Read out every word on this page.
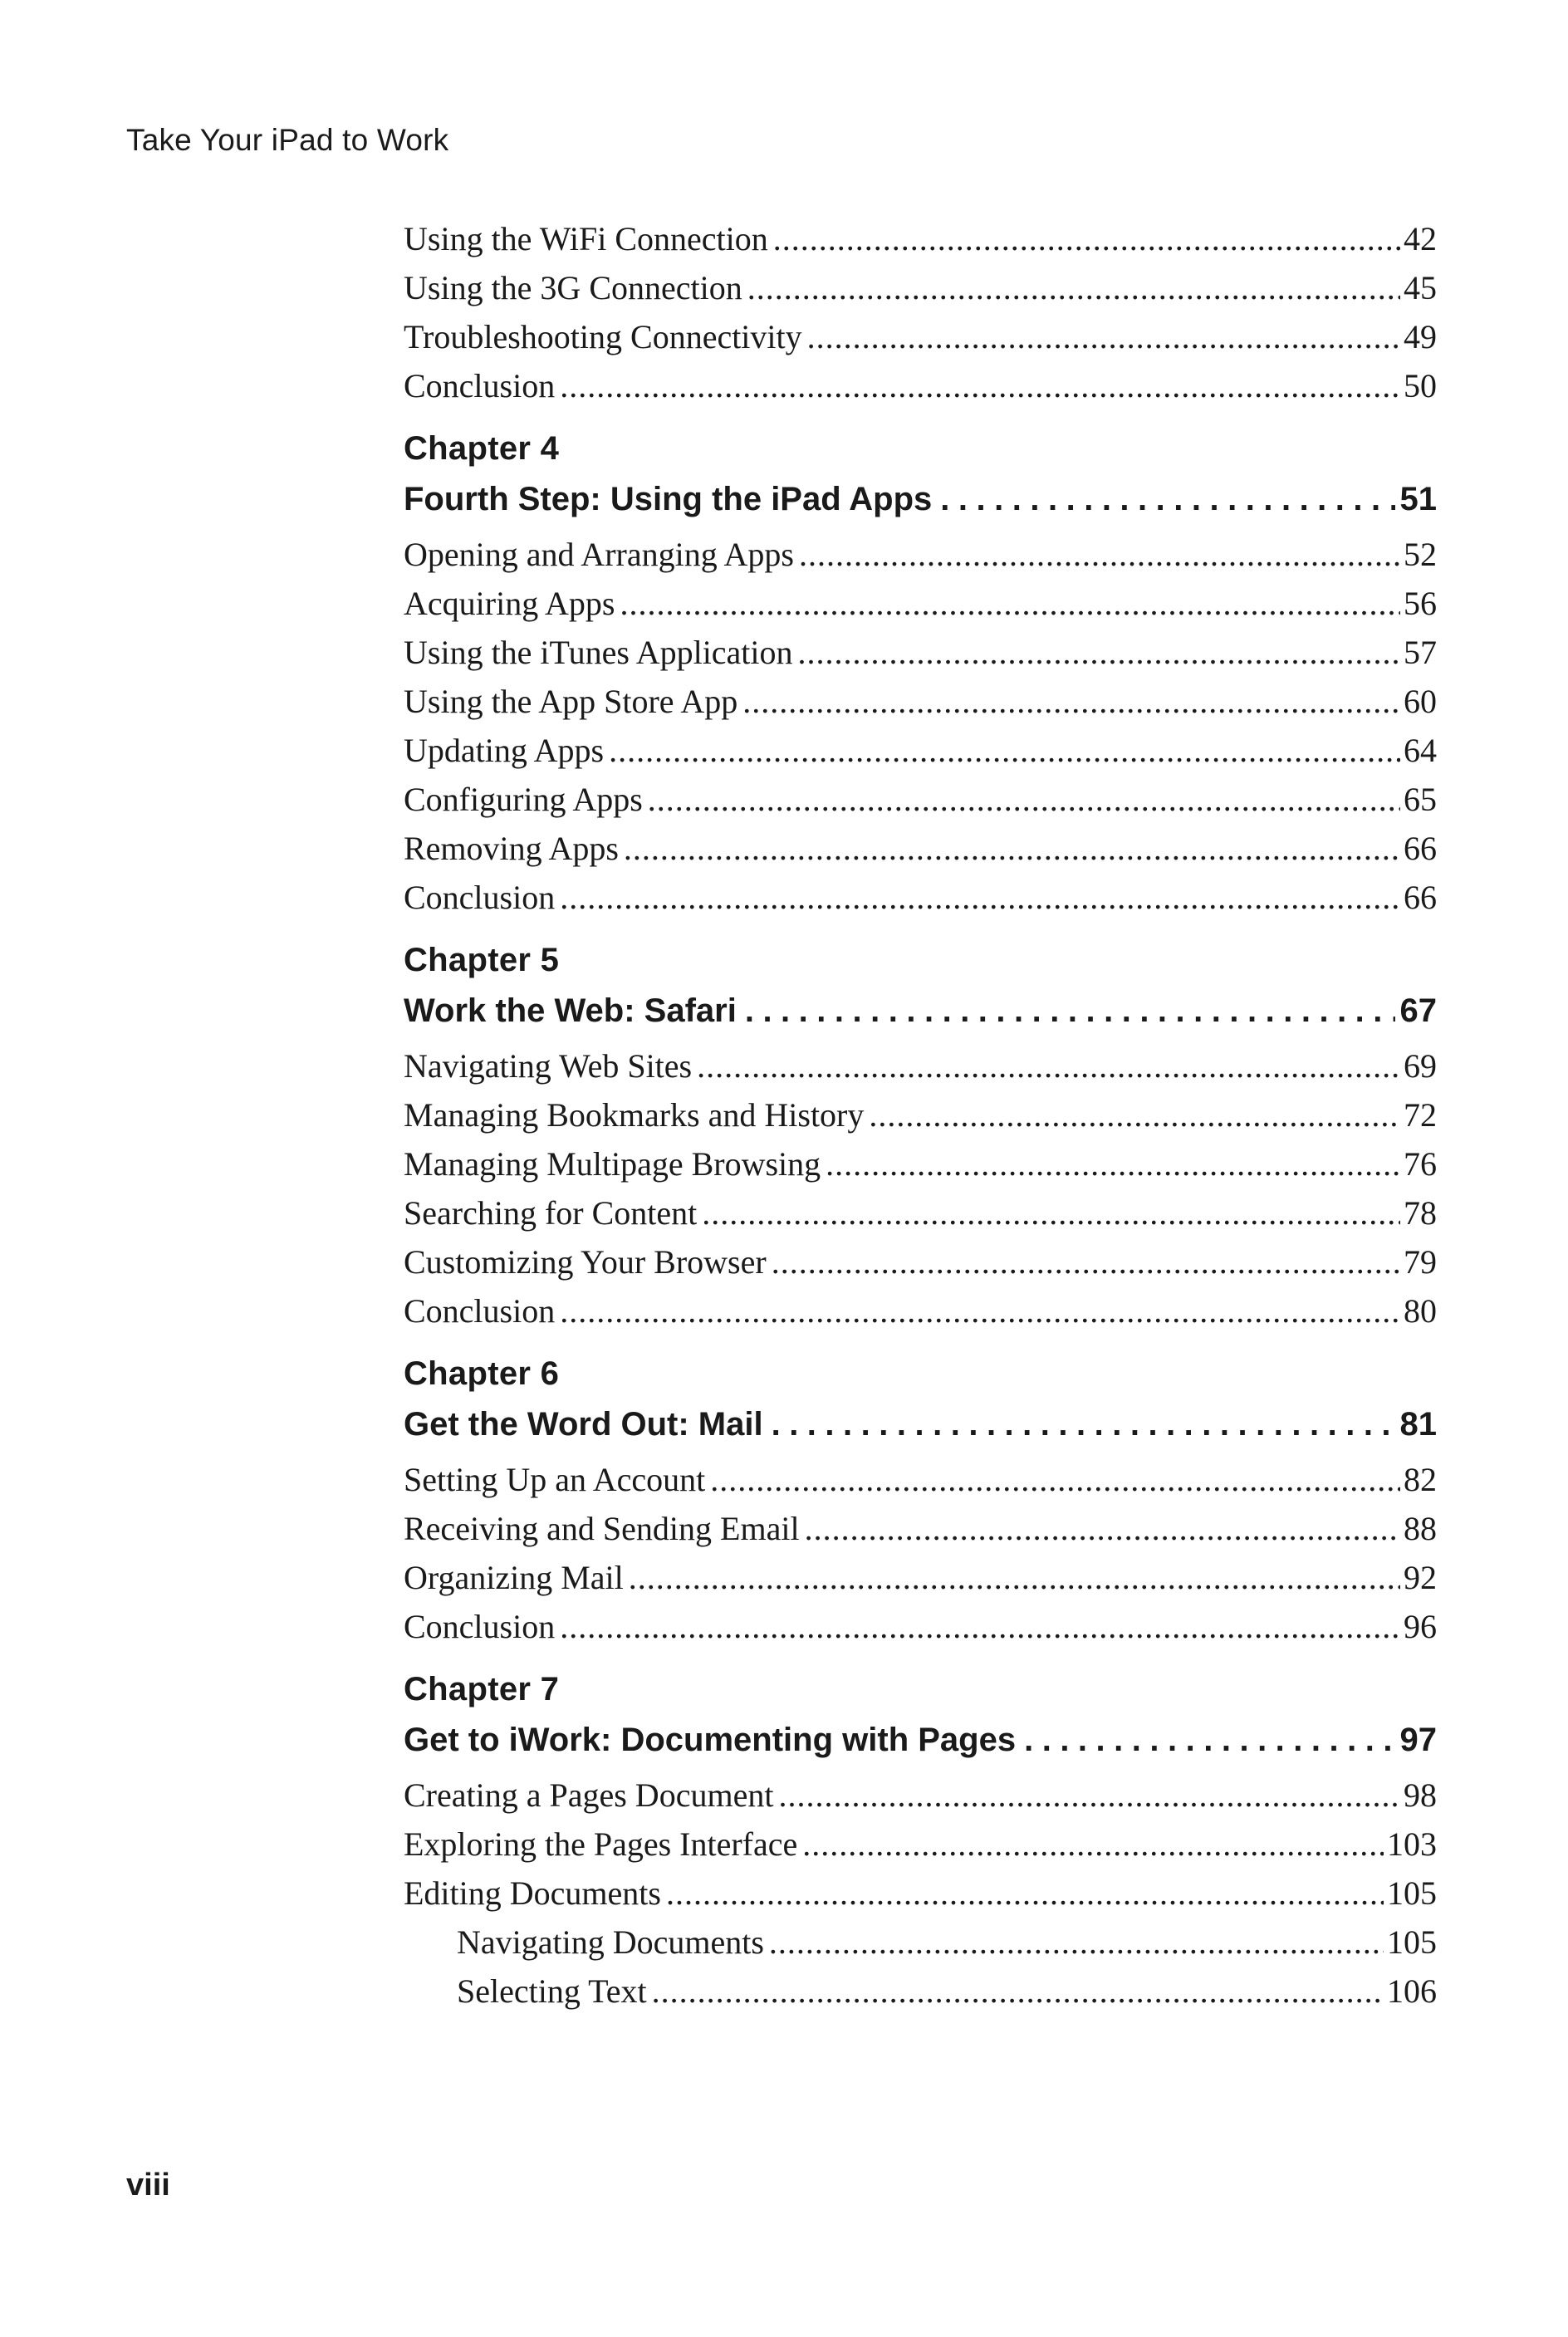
Take Your iPad to Work
Using the WiFi Connection .....	42
Using the 3G Connection .....	45
Troubleshooting Connectivity .....	49
Conclusion .....	50
Chapter 4
Fourth Step: Using the iPad Apps .....	51
Opening and Arranging Apps .....	52
Acquiring Apps .....	56
Using the iTunes Application .....	57
Using the App Store App .....	60
Updating Apps .....	64
Configuring Apps .....	65
Removing Apps .....	66
Conclusion .....	66
Chapter 5
Work the Web: Safari .....	67
Navigating Web Sites .....	69
Managing Bookmarks and History .....	72
Managing Multipage Browsing .....	76
Searching for Content .....	78
Customizing Your Browser .....	79
Conclusion .....	80
Chapter 6
Get the Word Out: Mail .....	81
Setting Up an Account .....	82
Receiving and Sending Email .....	88
Organizing Mail .....	92
Conclusion .....	96
Chapter 7
Get to iWork: Documenting with Pages .....	97
Creating a Pages Document .....	98
Exploring the Pages Interface .....	103
Editing Documents .....	105
Navigating Documents .....	105
Selecting Text .....	106
viii
